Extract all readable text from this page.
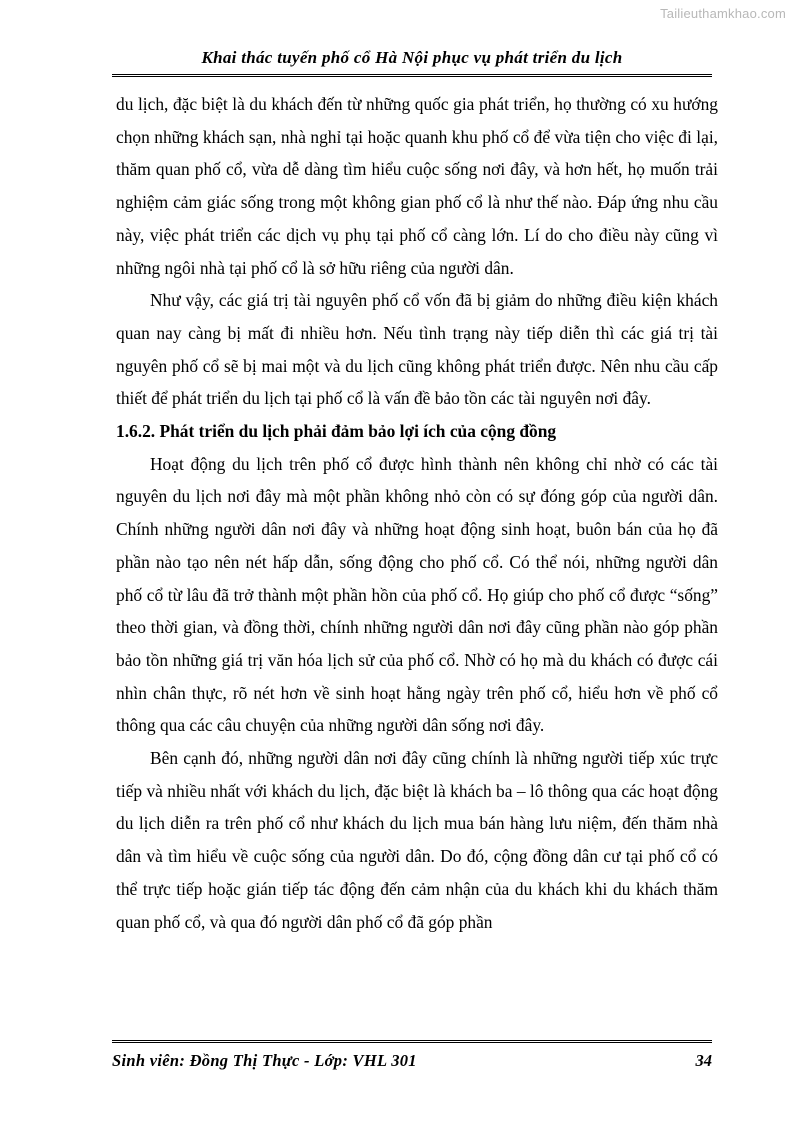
Tailieuthamkhao.com
Khai thác tuyến phố cổ Hà Nội phục vụ phát triển du lịch

du lịch, đặc biệt là du khách đến từ những quốc gia phát triển, họ thường có xu hướng chọn những khách sạn, nhà nghỉ tại hoặc quanh khu phố cổ để vừa tiện cho việc đi lại, thăm quan phố cổ, vừa dễ dàng tìm hiểu cuộc sống nơi đây, và hơn hết, họ muốn trải nghiệm cảm giác sống trong một không gian phố cổ là như thế nào. Đáp ứng nhu cầu này, việc phát triển các dịch vụ phụ tại phố cổ càng lớn. Lí do cho điều này cũng vì những ngôi nhà tại phố cổ là sở hữu riêng của người dân.

Như vậy, các giá trị tài nguyên phố cổ vốn đã bị giảm do những điều kiện khách quan nay càng bị mất đi nhiều hơn. Nếu tình trạng này tiếp diễn thì các giá trị tài nguyên phố cổ sẽ bị mai một và du lịch cũng không phát triển được. Nên nhu cầu cấp thiết để phát triển du lịch tại phố cổ là vấn đề bảo tồn các tài nguyên nơi đây.

1.6.2. Phát triển du lịch phải đảm bảo lợi ích của cộng đồng

Hoạt động du lịch trên phố cổ được hình thành nên không chỉ nhờ có các tài nguyên du lịch nơi đây mà một phần không nhỏ còn có sự đóng góp của người dân. Chính những người dân nơi đây và những hoạt động sinh hoạt, buôn bán của họ đã phần nào tạo nên nét hấp dẫn, sống động cho phố cổ. Có thể nói, những người dân phố cổ từ lâu đã trở thành một phần hồn của phố cổ. Họ giúp cho phố cổ được “sống” theo thời gian, và đồng thời, chính những người dân nơi đây cũng phần nào góp phần bảo tồn những giá trị văn hóa lịch sử của phố cổ. Nhờ có họ mà du khách có được cái nhìn chân thực, rõ nét hơn về sinh hoạt hằng ngày trên phố cổ, hiểu hơn về phố cổ thông qua các câu chuyện của những người dân sống nơi đây.

Bên cạnh đó, những người dân nơi đây cũng chính là những người tiếp xúc trực tiếp và nhiều nhất với khách du lịch, đặc biệt là khách ba – lô thông qua các hoạt động du lịch diễn ra trên phố cổ như khách du lịch mua bán hàng lưu niệm, đến thăm nhà dân và tìm hiểu về cuộc sống của người dân. Do đó, cộng đồng dân cư tại phố cổ có thể trực tiếp hoặc gián tiếp tác động đến cảm nhận của du khách khi du khách thăm quan phố cổ, và qua đó người dân phố cổ đã góp phần

Sinh viên: Đồng Thị Thực - Lớp: VHL 301	34
